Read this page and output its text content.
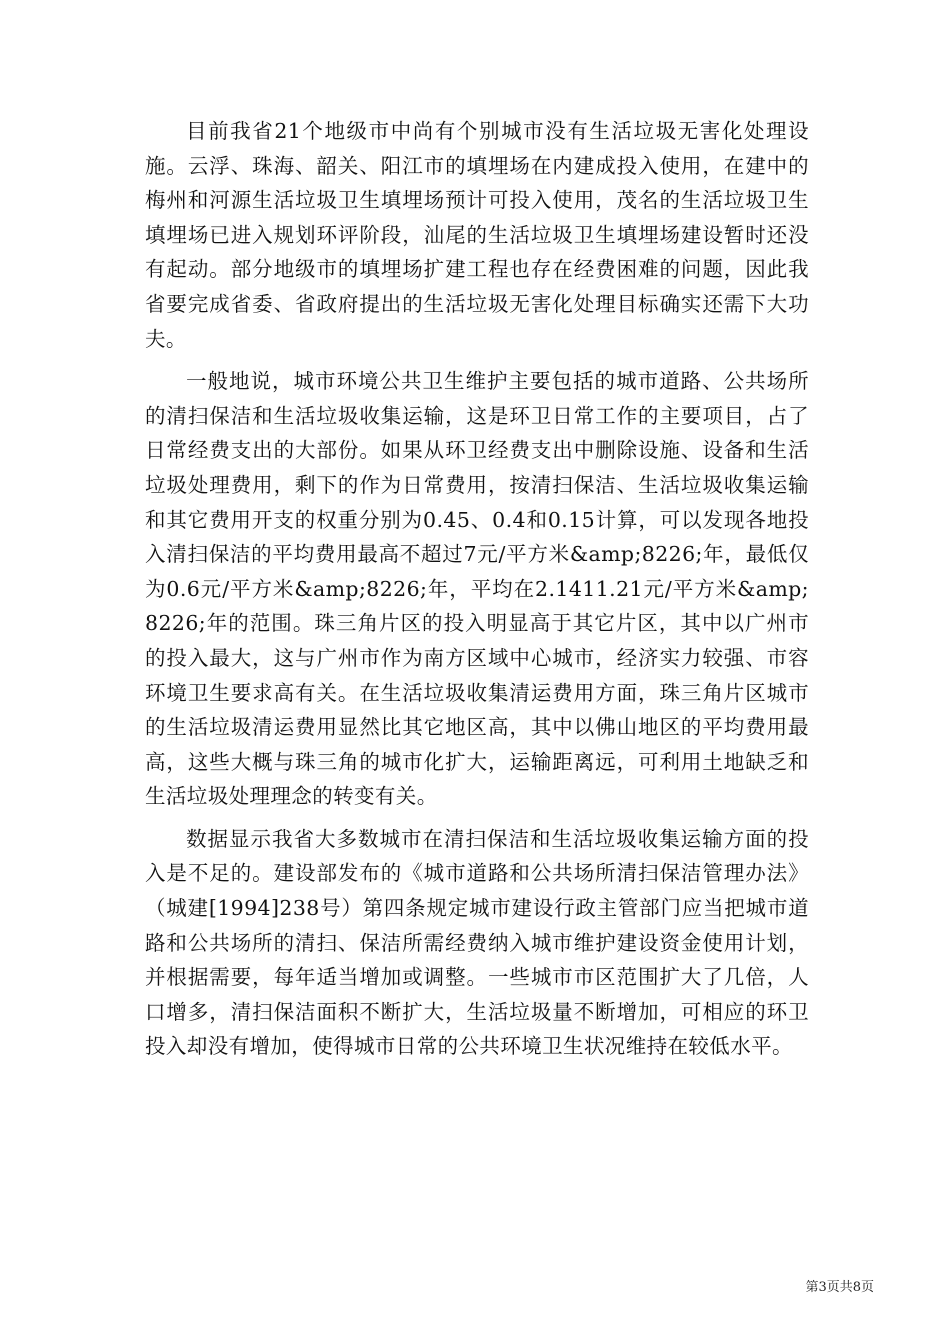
目前我省21个地级市中尚有个别城市没有生活垃圾无害化处理设施。云浮、珠海、韶关、阳江市的填埋场在内建成投入使用，在建中的梅州和河源生活垃圾卫生填埋场预计可投入使用，茂名的生活垃圾卫生填埋场已进入规划环评阶段，汕尾的生活垃圾卫生填埋场建设暂时还没有起动。部分地级市的填埋场扩建工程也存在经费困难的问题，因此我省要完成省委、省政府提出的生活垃圾无害化处理目标确实还需下大功夫。

一般地说，城市环境公共卫生维护主要包括的城市道路、公共场所的清扫保洁和生活垃圾收集运输，这是环卫日常工作的主要项目，占了日常经费支出的大部份。如果从环卫经费支出中删除设施、设备和生活垃圾处理费用，剩下的作为日常费用，按清扫保洁、生活垃圾收集运输和其它费用开支的权重分别为0.45、0.4和0.15计算，可以发现各地投入清扫保洁的平均费用最高不超过7元/平方米&amp;8226;年，最低仅为0.6元/平方米&amp;8226;年，平均在2.1411.21元/平方米&amp;8226;年的范围。珠三角片区的投入明显高于其它片区，其中以广州市的投入最大，这与广州市作为南方区域中心城市，经济实力较强、市容环境卫生要求高有关。在生活垃圾收集清运费用方面，珠三角片区城市的生活垃圾清运费用显然比其它地区高，其中以佛山地区的平均费用最高，这些大概与珠三角的城市化扩大，运输距离远，可利用土地缺乏和生活垃圾处理理念的转变有关。

数据显示我省大多数城市在清扫保洁和生活垃圾收集运输方面的投入是不足的。建设部发布的《城市道路和公共场所清扫保洁管理办法》（城建[1994]238号）第四条规定城市建设行政主管部门应当把城市道路和公共场所的清扫、保洁所需经费纳入城市维护建设资金使用计划，并根据需要，每年适当增加或调整。一些城市市区范围扩大了几倍，人口增多，清扫保洁面积不断扩大，生活垃圾量不断增加，可相应的环卫投入却没有增加，使得城市日常的公共环境卫生状况维持在较低水平。

第3页共8页
